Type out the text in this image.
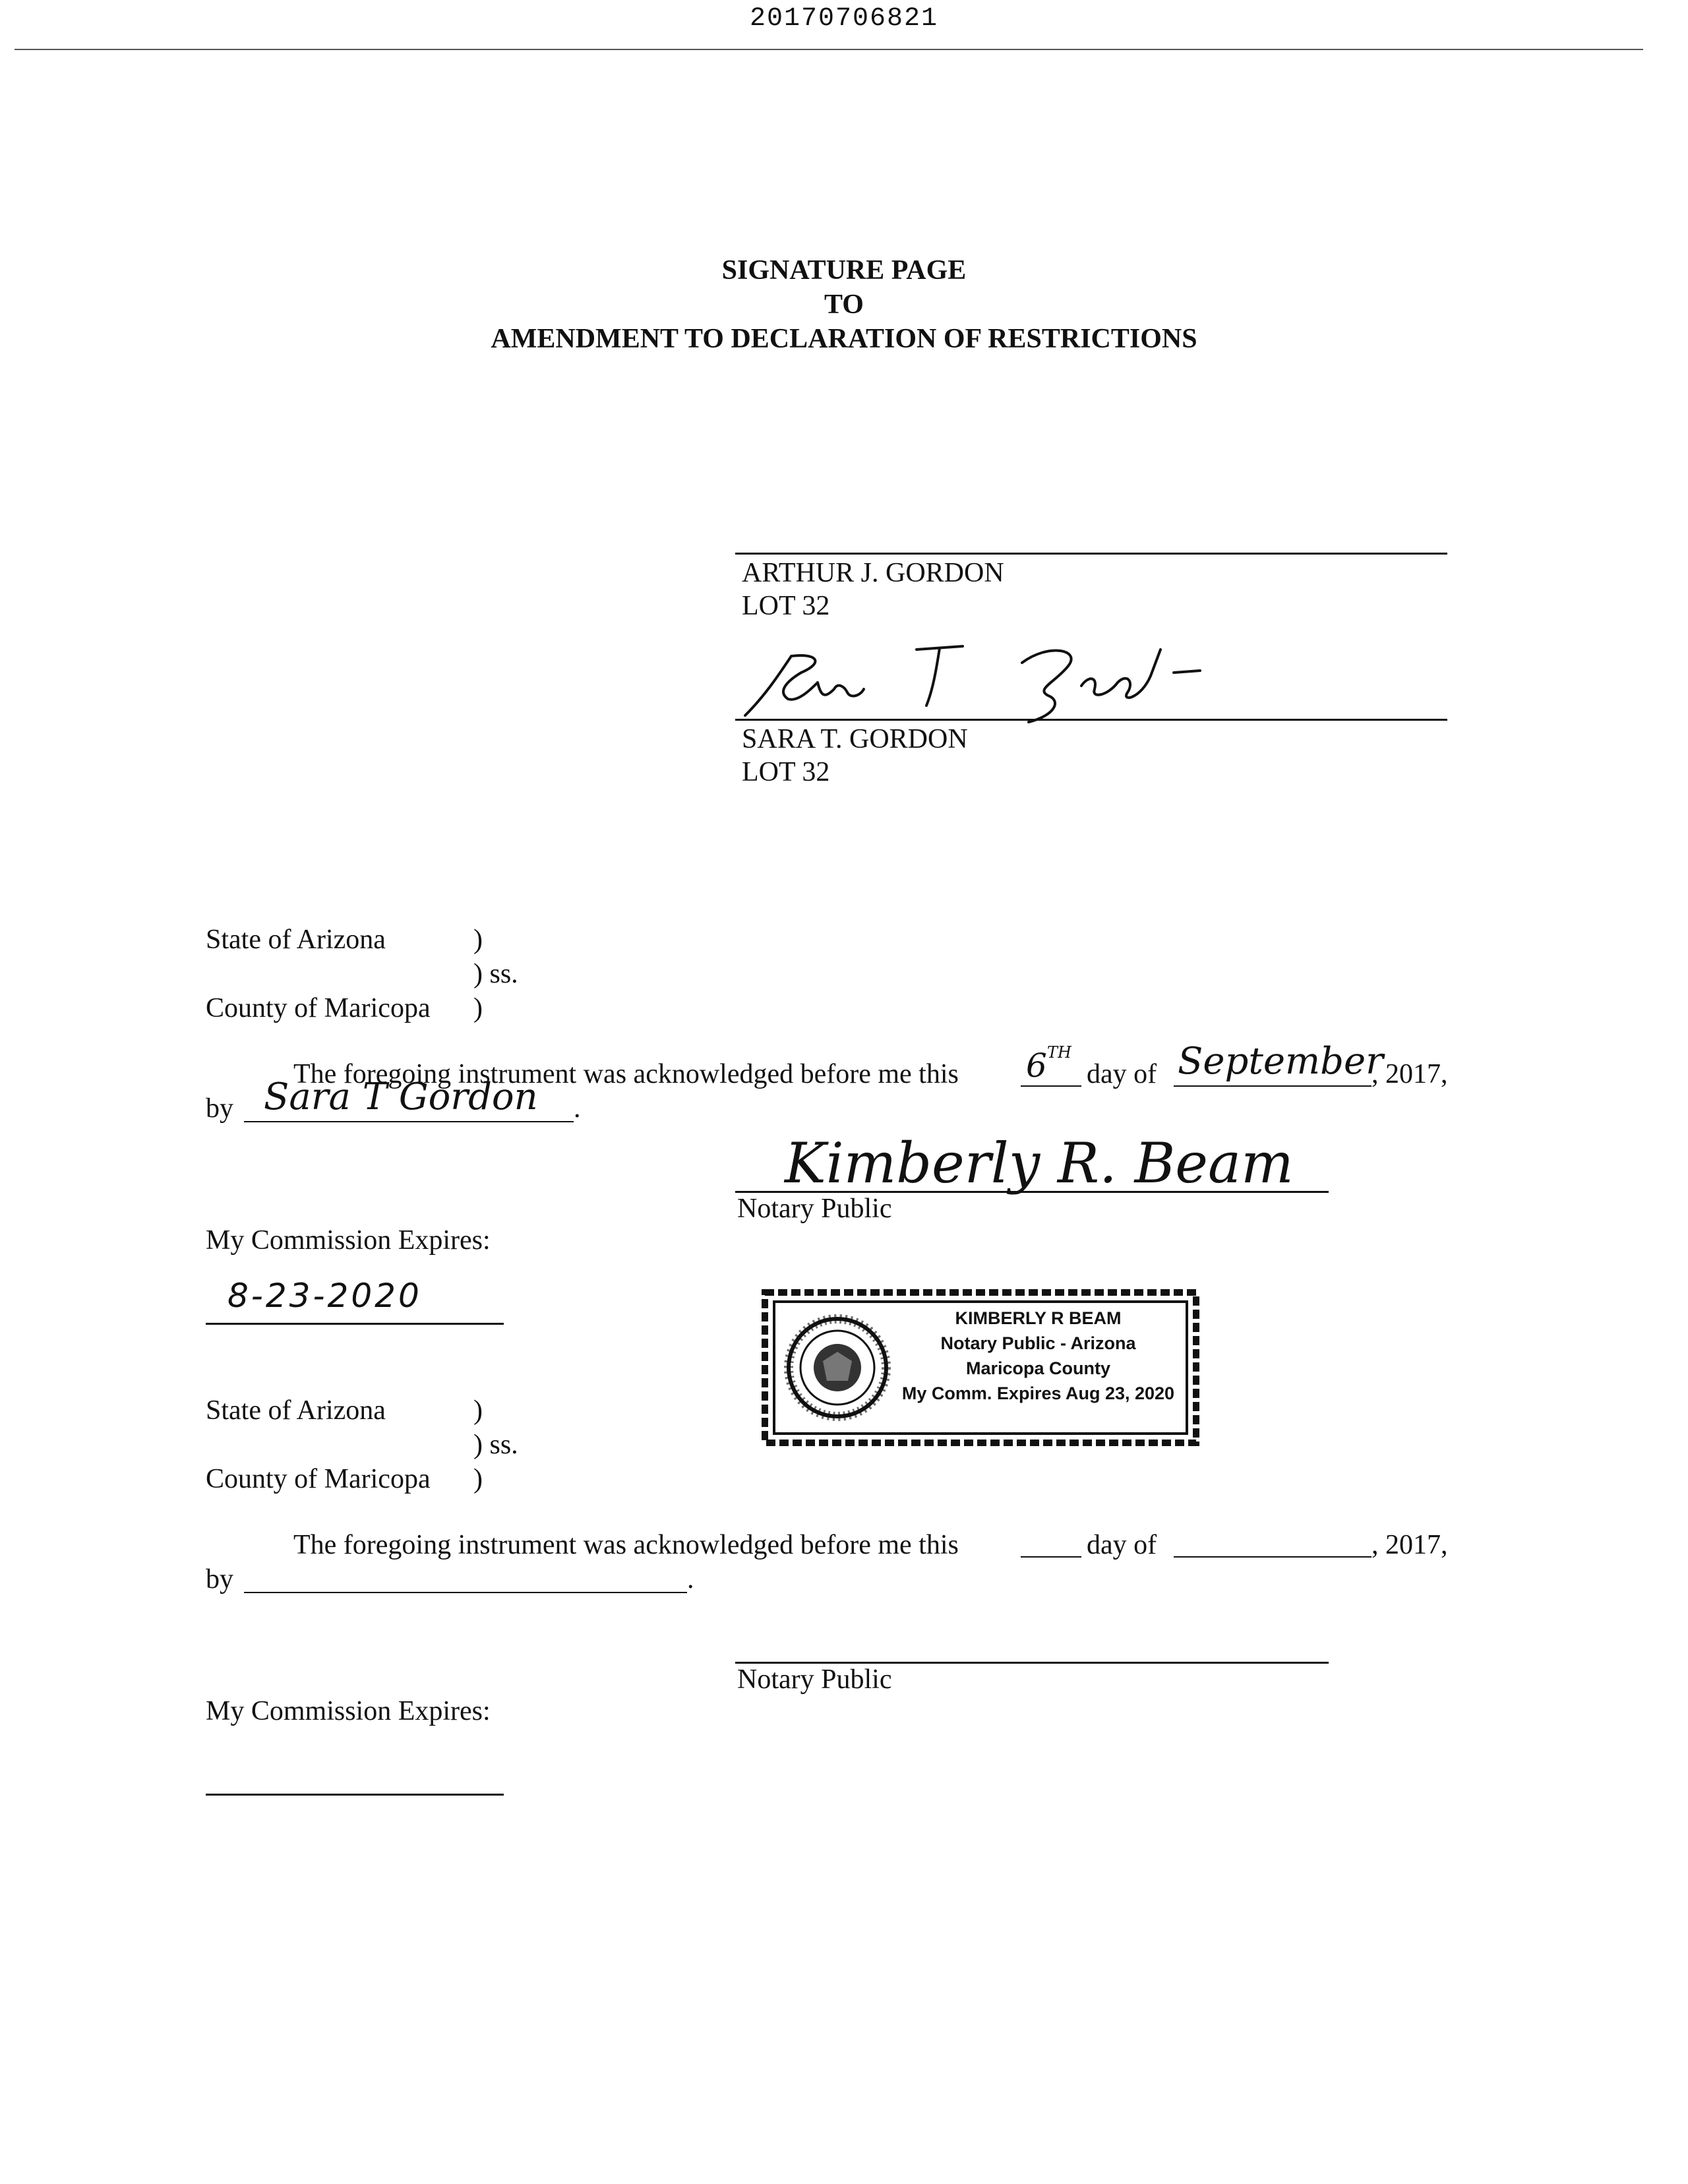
20170706821
SIGNATURE PAGE
TO
AMENDMENT TO DECLARATION OF RESTRICTIONS
ARTHUR J. GORDON
LOT 32
SARA T. GORDON
LOT 32
State of Arizona	)
) ss.
County of Maricopa )
The foregoing instrument was acknowledged before me this 6 TH
day of September
, 2017,
by Sara T Gordon .
Kimberly R. Beam
Notary Public
My Commission Expires:
8-23-2020
KIMBERLY R BEAM
Notary Public - Arizona
Maricopa County
My Comm. Expires Aug 23, 2020
State of Arizona	)
) ss.
County of Maricopa )
The foregoing instrument was acknowledged before me this	day of	, 2017,
by	.
Notary Public
My Commission Expires:
